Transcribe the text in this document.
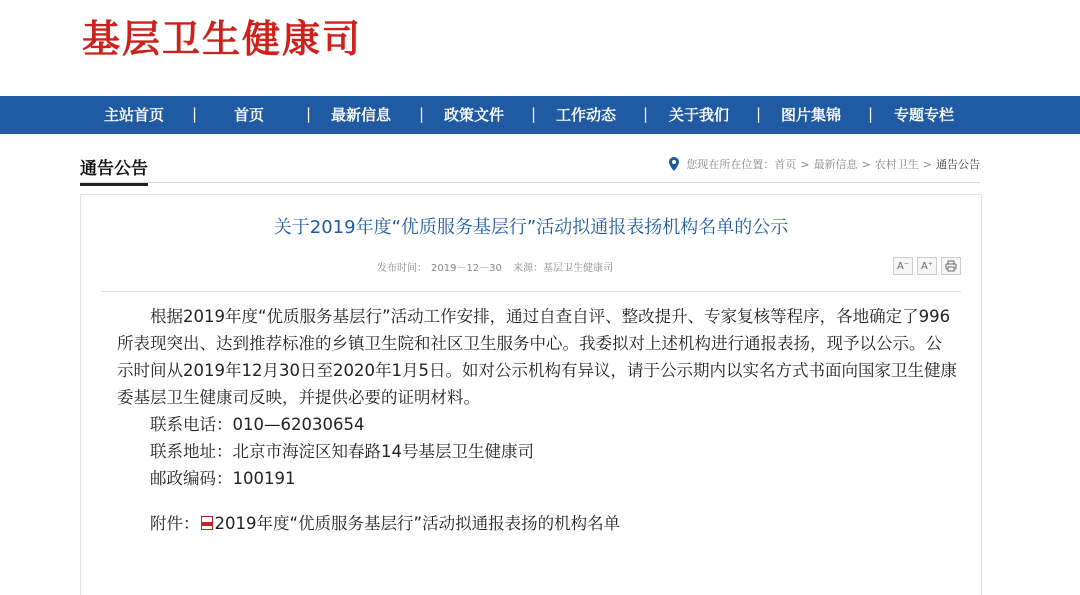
基层卫生健康司
主站首页 | 首页	| 最新信息 | 政策文件 | 工作动态 | 关于我们 | 图片集锦 | 专题专栏
通告公告	您现在所在位置： 首页 > 最新信息 > 农村卫生 > 通告公告
关于2019年度“优质服务基层行”活动拟通报表扬机构名单的公示
发布时间： 2019－12－30 来源：基层卫生健康司	A⁻	A⁺

根据2019年度“优质服务基层行”活动工作安排，通过自查自评、整改提升、专家复核等程序，各地确定了996所表现突出、达到推荐标准的乡镇卫生院和社区卫生服务中心。我委拟对上述机构进行通报表扬，现予以公示。公示时间从2019年12月30日至2020年1月5日。如对公示机构有异议，请于公示期内以实名方式书面向国家卫生健康委基层卫生健康司反映，并提供必要的证明材料。

联系电话：010—62030654

联系地址：北京市海淀区知春路14号基层卫生健康司

邮政编码：100191

附件： 2019年度“优质服务基层行”活动拟通报表扬的机构名单
